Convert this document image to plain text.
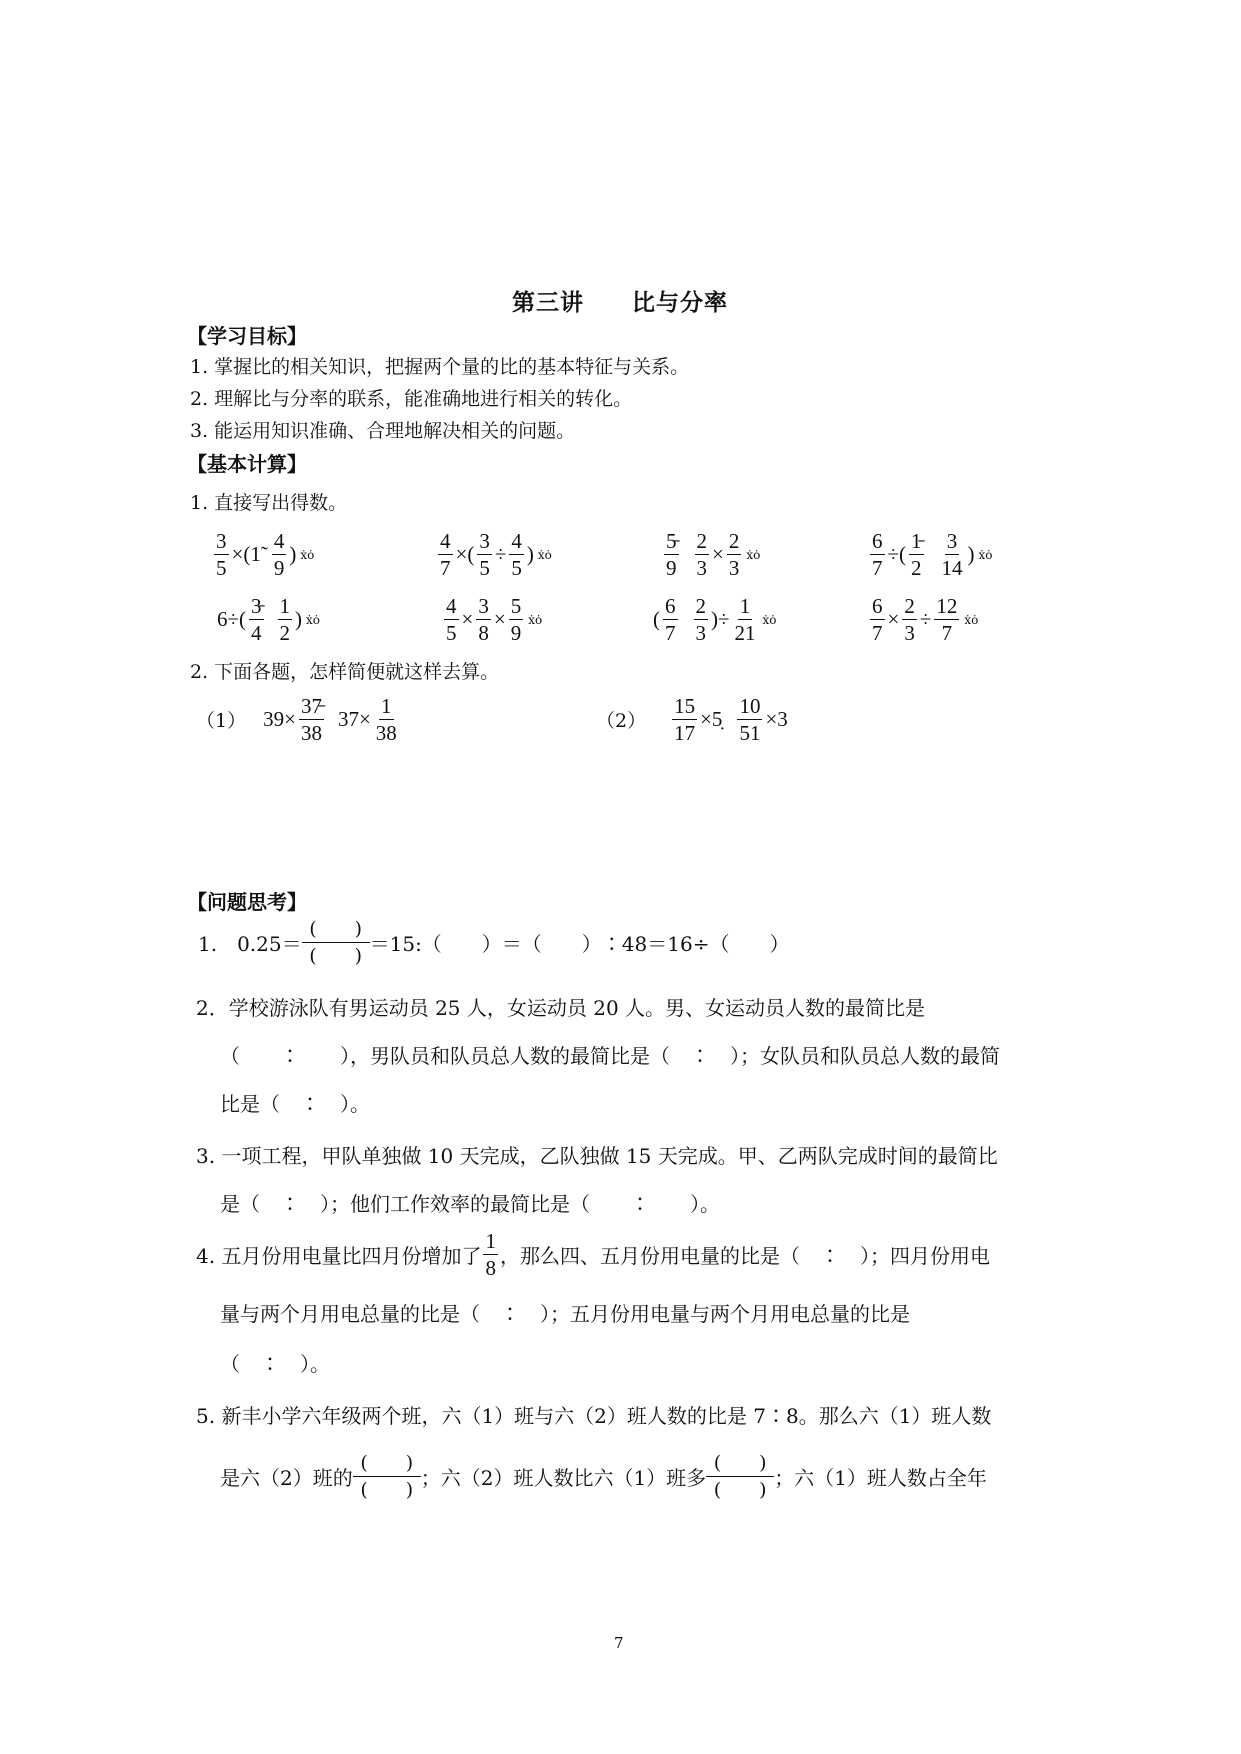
第三讲　　比与分率
【学习目标】
1. 掌握比的相关知识，把握两个量的比的基本特征与关系。
2. 理解比与分率的联系，能准确地进行相关的转化。
3. 能运用知识准确、合理地解决相关的问题。
【基本计算】
1. 直接写出得数。
$\frac{3}{5}$ ×(1̃ $\frac{4}{9}$ ) ẋȯ	$\frac{4}{7}$ ×( $\frac{3}{5} \div \frac{4}{5}$ ) ẋȯ	$\frac{5̵}{9} \frac{2}{3} \times \frac{2}{3}$ ẋȯ	$\frac{6}{7}$ ÷( $\frac{1̵}{2} \frac{3}{14}$ ) ẋȯ
$6\div( \frac{3̵}{4} \frac{1}{2}$ ) ẋȯ	$\frac{4}{5} \times \frac{3}{8} \times \frac{5}{9}$ ẋȯ	( $\frac{6}{7} \frac{2}{3}$ )÷ $\frac{1}{21}$ ẋȯ	$\frac{6}{7} \times \frac{2}{3} \div \frac{12}{7}$ ẋȯ
2. 下面各题，怎样简便就这样去算。
（1） $39\times \frac{37̵}{38} 37\times \frac{1}{38}$	$(2) \frac{15}{17}$ ×5̣ $\frac{10}{51} \times 3$
【问题思考】
1.　$0.25= \frac{( )}{( )}$ ＝15:（　　）＝（　　）∶48＝16÷（　　）
2．学校游泳队有男运动员 25 人，女运动员 20 人。男、女运动员人数的最简比是
（　　∶　　），男队员和队员总人数的最简比是（　∶　）；女队员和队员总人数的最简
比是（　∶　）。
3. 一项工程，甲队单独做 10 天完成，乙队独做 15 天完成。甲、乙两队完成时间的最简比
是（　∶　）；他们工作效率的最简比是（　　∶　　）。
4. 五月份用电量比四月份增加了 $\frac{1}{8}$ ，那么四、五月份用电量的比是（　∶　）；四月份用电
量与两个月用电总量的比是（　∶　）；五月份用电量与两个月用电总量的比是
（　∶　）。
5. 新丰小学六年级两个班，六（1）班与六（2）班人数的比是 7∶8。那么六（1）班人数
是六（2）班的 $\frac{( )}{( )}$ ；六（2）班人数比六（1）班多 $\frac{( )}{( )}$ ；六（1）班人数占全年
7
